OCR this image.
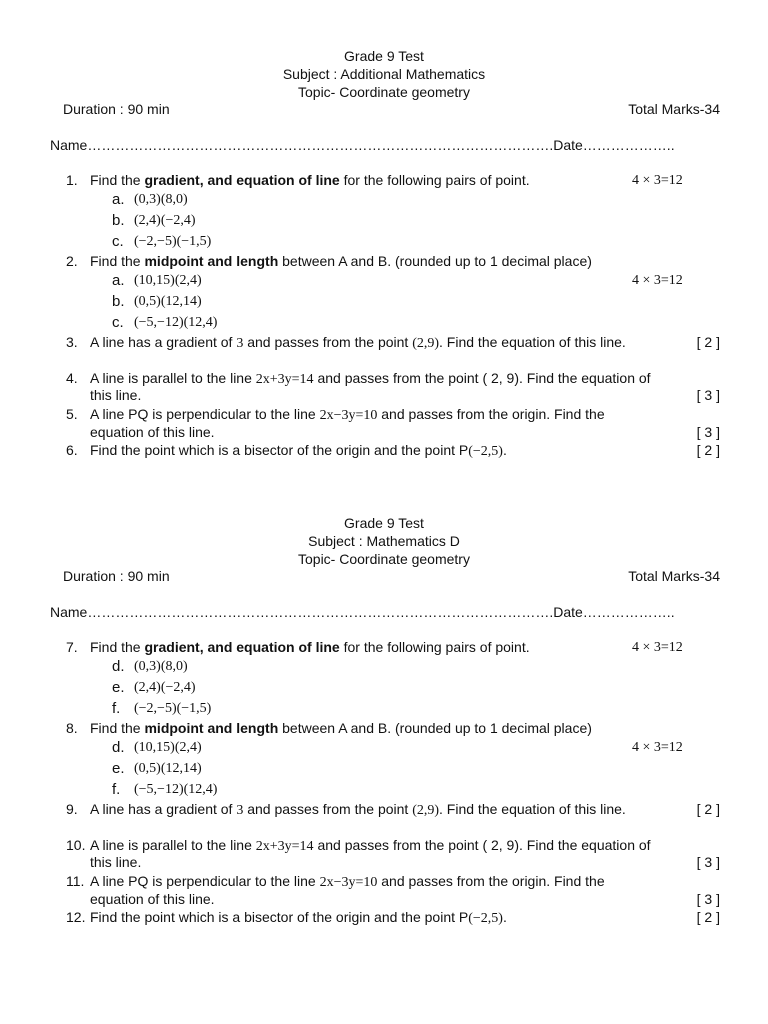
Grade 9 Test
Subject : Additional Mathematics
Topic- Coordinate geometry
Duration : 90 min	Total Marks-34
Name……………………………………………………………………………………….Date………………..
1. Find the gradient, and equation of line for the following pairs of point.	4 × 3=12
a. (0,3)(8,0)
b. (2,4)(−2,4)
c. (−2,−5)(−1,5)
2. Find the midpoint and length between A and B. (rounded up to 1 decimal place)
a. (10,15)(2,4)	4 × 3=12
b. (0,5)(12,14)
c. (−5,−12)(12,4)
3. A line has a gradient of 3 and passes from the point (2,9). Find the equation of this line.	[ 2 ]
4. A line is parallel to the line 2x+3y=14 and passes from the point ( 2, 9). Find the equation of
this line.	[ 3 ]
5. A line PQ is perpendicular to the line 2x−3y=10 and passes from the origin. Find the
equation of this line.	[ 3 ]
6. Find the point which is a bisector of the origin and the point P(−2,5).	[ 2 ]
Grade 9 Test
Subject : Mathematics D
Topic- Coordinate geometry
Duration : 90 min	Total Marks-34
Name……………………………………………………………………………………….Date………………..
7. Find the gradient, and equation of line for the following pairs of point.	4 × 3=12
d. (0,3)(8,0)
e. (2,4)(−2,4)
f. (−2,−5)(−1,5)
8. Find the midpoint and length between A and B. (rounded up to 1 decimal place)
d. (10,15)(2,4)	4 × 3=12
e. (0,5)(12,14)
f. (−5,−12)(12,4)
9. A line has a gradient of 3 and passes from the point (2,9). Find the equation of this line.	[ 2 ]
10. A line is parallel to the line 2x+3y=14 and passes from the point ( 2, 9). Find the equation of
this line.	[ 3 ]
11. A line PQ is perpendicular to the line 2x−3y=10 and passes from the origin. Find the
equation of this line.	[ 3 ]
12. Find the point which is a bisector of the origin and the point P(−2,5).	[ 2 ]
